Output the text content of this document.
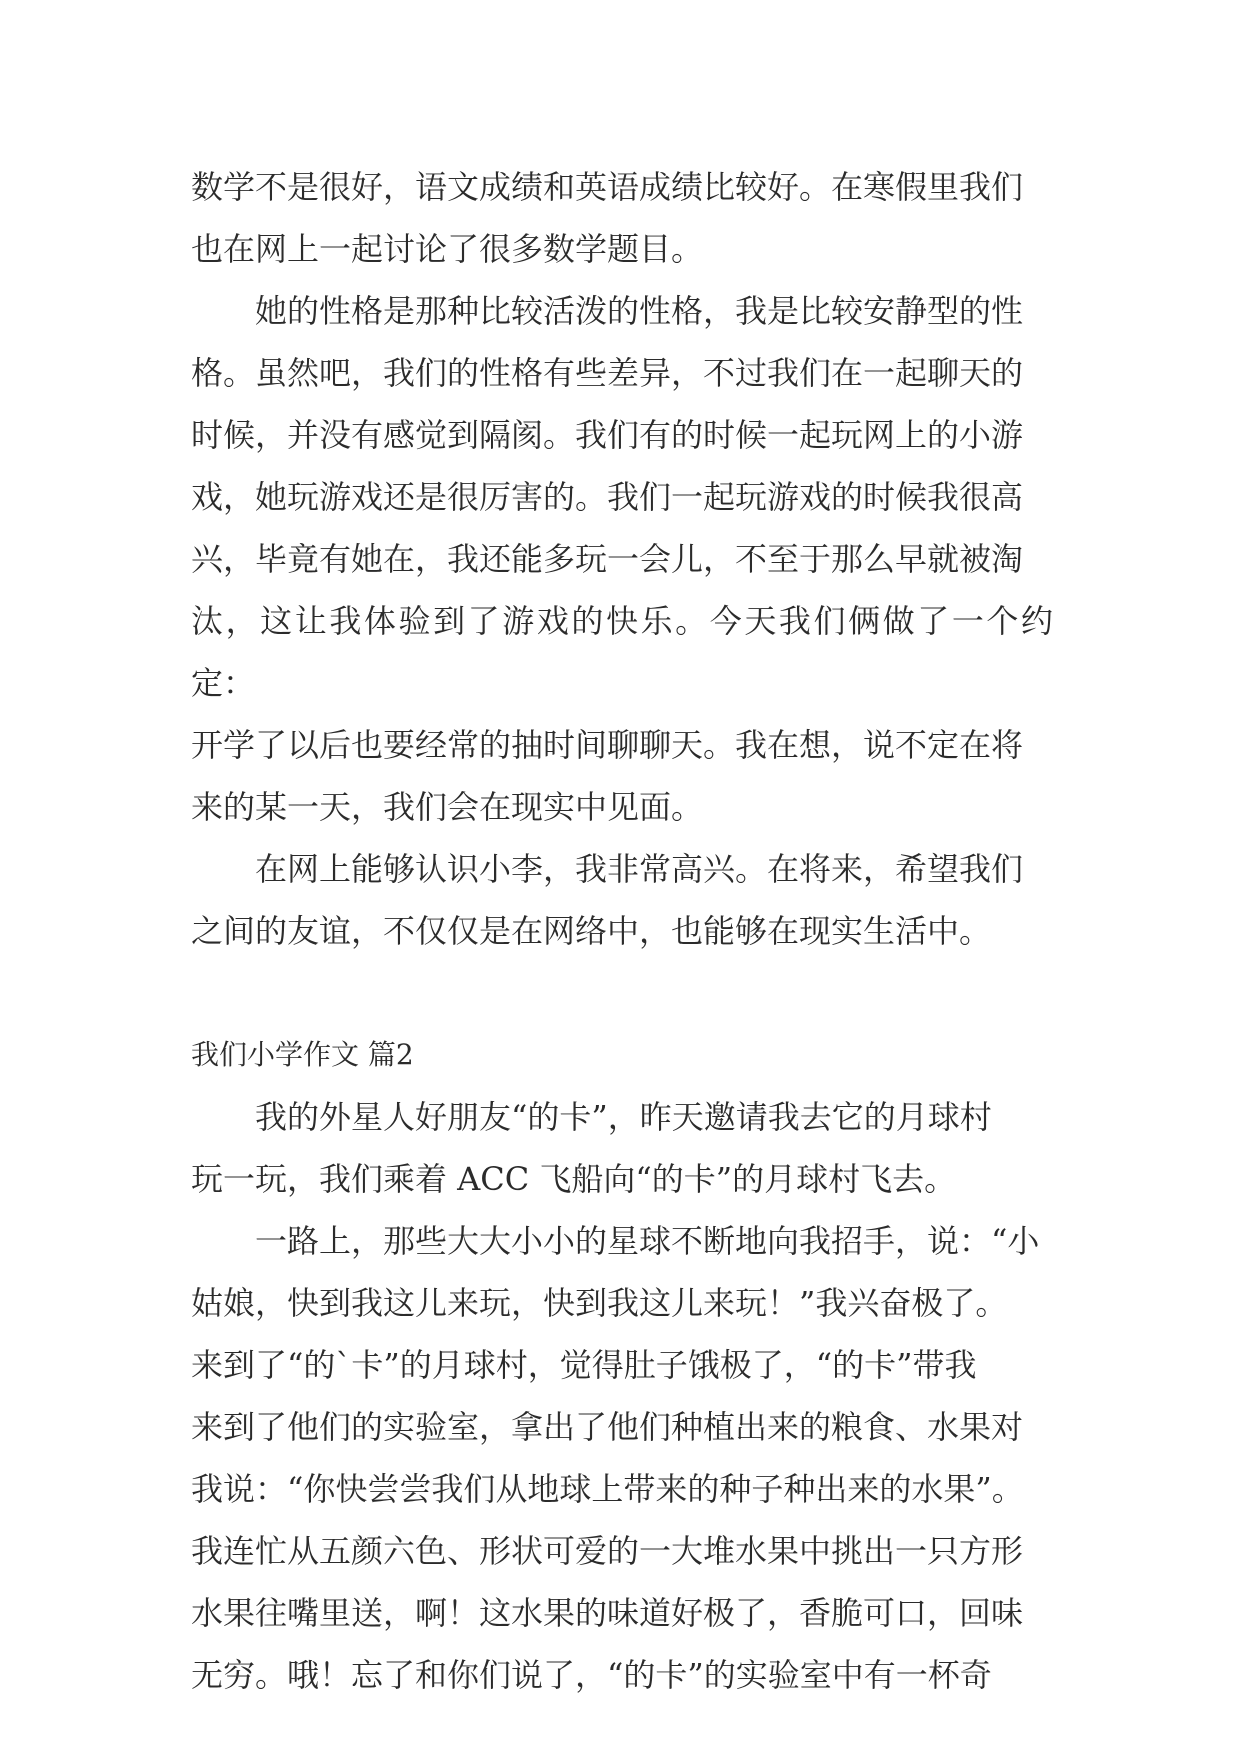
数学不是很好，语文成绩和英语成绩比较好。在寒假里我们
也在网上一起讨论了很多数学题目。

她的性格是那种比较活泼的性格，我是比较安静型的性
格。虽然吧，我们的性格有些差异，不过我们在一起聊天的
时候，并没有感觉到隔阂。我们有的时候一起玩网上的小游
戏，她玩游戏还是很厉害的。我们一起玩游戏的时候我很高
兴，毕竟有她在，我还能多玩一会儿，不至于那么早就被淘
汰，这让我体验到了游戏的快乐。今天我们俩做了一个约定：
开学了以后也要经常的抽时间聊聊天。我在想，说不定在将
来的某一天，我们会在现实中见面。

在网上能够认识小李，我非常高兴。在将来，希望我们
之间的友谊，不仅仅是在网络中，也能够在现实生活中。

我们小学作文 篇2

我的外星人好朋友“的卡”，昨天邀请我去它的月球村
玩一玩，我们乘着 ACC 飞船向“的卡”的月球村飞去。

一路上，那些大大小小的星球不断地向我招手，说：“小
姑娘，快到我这儿来玩，快到我这儿来玩！”我兴奋极了。
来到了“的`卡”的月球村，觉得肚子饿极了，“的卡”带我
来到了他们的实验室，拿出了他们种植出来的粮食、水果对
我说：“你快尝尝我们从地球上带来的种子种出来的水果”。
我连忙从五颜六色、形状可爱的一大堆水果中挑出一只方形
水果往嘴里送，啊！这水果的味道好极了，香脆可口，回味
无穷。哦！忘了和你们说了，“的卡”的实验室中有一杯奇
